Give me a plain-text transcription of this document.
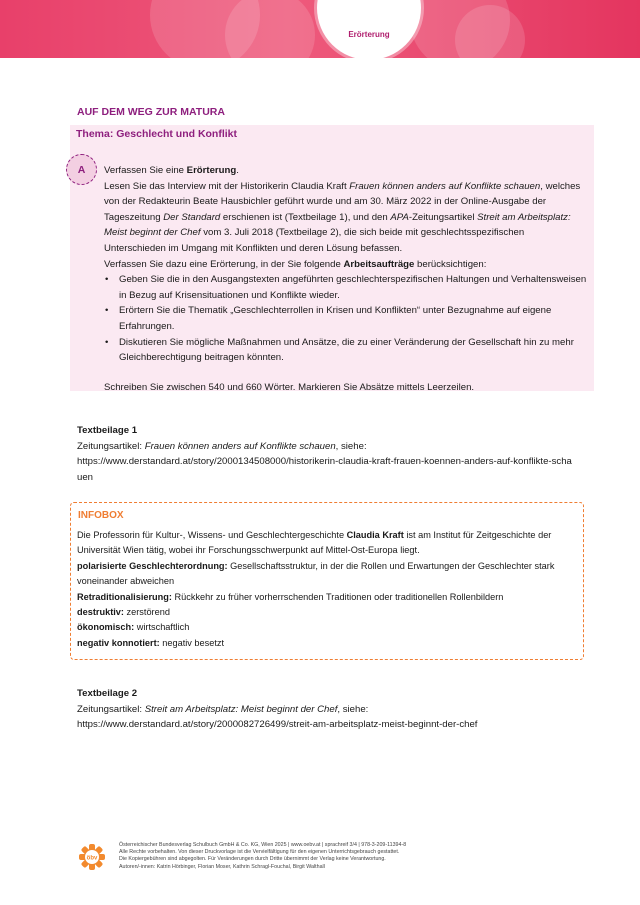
Erörterung
AUF DEM WEG ZUR MATURA
Thema: Geschlecht und Konflikt
A	Verfassen Sie eine Erörterung.

Lesen Sie das Interview mit der Historikerin Claudia Kraft Frauen können anders auf Konflikte schauen, welches von der Redakteurin Beate Hausbichler geführt wurde und am 30. März 2022 in der Online-Ausgabe der Tageszeitung Der Standard erschienen ist (Textbeilage 1), und den APA-Zeitungsartikel Streit am Arbeitsplatz: Meist beginnt der Chef vom 3. Juli 2018 (Textbeilage 2), die sich beide mit geschlechtsspezifischen Unterschieden im Umgang mit Konflikten und deren Lösung befassen.

Verfassen Sie dazu eine Erörterung, in der Sie folgende Arbeitsaufträge berücksichtigen:

• Geben Sie die in den Ausgangstexten angeführten geschlechterspezifischen Haltungen und Verhaltensweisen in Bezug auf Krisensituationen und Konflikte wieder.
• Erörtern Sie die Thematik „Geschlechterrollen in Krisen und Konflikten“ unter Bezugnahme auf eigene Erfahrungen.
• Diskutieren Sie mögliche Maßnahmen und Ansätze, die zu einer Veränderung der Gesellschaft hin zu mehr Gleichberechtigung beitragen könnten.

Schreiben Sie zwischen 540 und 660 Wörter. Markieren Sie Absätze mittels Leerzeilen.

Textbeilage 1

Zeitungsartikel: Frauen können anders auf Konflikte schauen, siehe:

https://www.derstandard.at/story/2000134508000/historikerin-claudia-kraft-frauen-koennen-anders-auf-konflikte-schauen

INFOBOX

Die Professorin für Kultur-, Wissens- und Geschlechtergeschichte Claudia Kraft ist am Institut für Zeitgeschichte der Universität Wien tätig, wobei ihr Forschungsschwerpunkt auf Mittel-Ost-Europa liegt.

polarisierte Geschlechterordnung: Gesellschaftsstruktur, in der die Rollen und Erwartungen der Geschlechter stark voneinander abweichen

Retraditionalisierung: Rückkehr zu früher vorherrschenden Traditionen oder traditionellen Rollenbildern

destruktiv: zerstörend

ökonomisch: wirtschaftlich

negativ konnotiert: negativ besetzt

Textbeilage 2

Zeitungsartikel: Streit am Arbeitsplatz: Meist beginnt der Chef, siehe:

https://www.derstandard.at/story/2000082726499/streit-am-arbeitsplatz-meist-beginnt-der-chef

öbv

Österreichischer Bundesverlag Schulbuch GmbH & Co. KG, Wien 2025 | www.oebv.at | sprachreif 3/4 | 978-3-209-11394-8

Alle Rechte vorbehalten. Von dieser Druckvorlage ist die Vervielfältigung für den eigenen Unterrichtsgebrauch gestattet.

Die Kopiergebühren sind abgegolten. Für Veränderungen durch Dritte übernimmt der Verlag keine Verantwortung.

Autoren/-innen: Katrin Hörbinger, Florian Moser, Kathrin Schragl-Fouchal, Birgit Walthall
